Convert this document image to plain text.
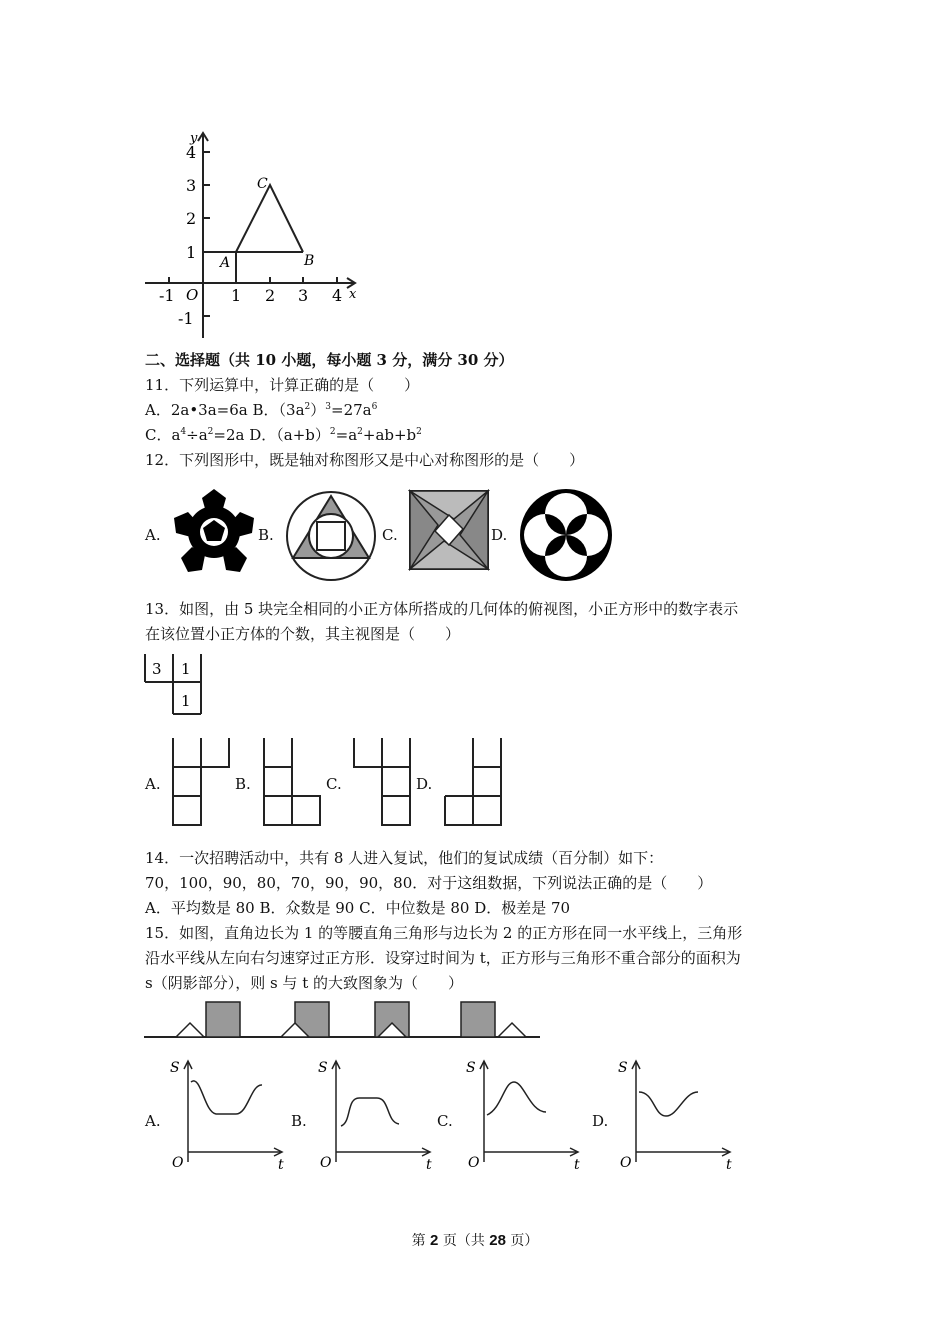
y
x
O
4
3
2
1
-1
-1	1 2 3 4
A	B
C
二、选择题（共 10 小题，每小题 3 分，满分 30 分）
11．下列运算中，计算正确的是（　　）
A．2a•3a=6a B．$(3a^2)^3=27a^6$
C．$a^4\div a^2=2a$ D．$(a+b)^2=a^2+ab+b^2$
12．下列图形中，既是轴对称图形又是中心对称图形的是（　　）
A.	B.	C.	D.
13．如图，由 5 块完全相同的小正方体所搭成的几何体的俯视图，小正方形中的数字表示
在该位置小正方体的个数，其主视图是（　　）
3 1
1
A.	B.	C.	D.
14．一次招聘活动中，共有 8 人进入复试，他们的复试成绩（百分制）如下：
70，100，90，80，70，90，90，80．对于这组数据，下列说法正确的是（　　）
A．平均数是 80 B．众数是 90 C．中位数是 80 D．极差是 70
15．如图，直角边长为 1 的等腰直角三角形与边长为 2 的正方形在同一水平线上，三角形
沿水平线从左向右匀速穿过正方形．设穿过时间为 t，正方形与三角形不重合部分的面积为
s（阴影部分），则 s 与 t 的大致图象为（　　）
A.	B.	C.	D.
S
t
O
S
t
O
S
t
O
S
t
O
第 2 页（共 28 页）
